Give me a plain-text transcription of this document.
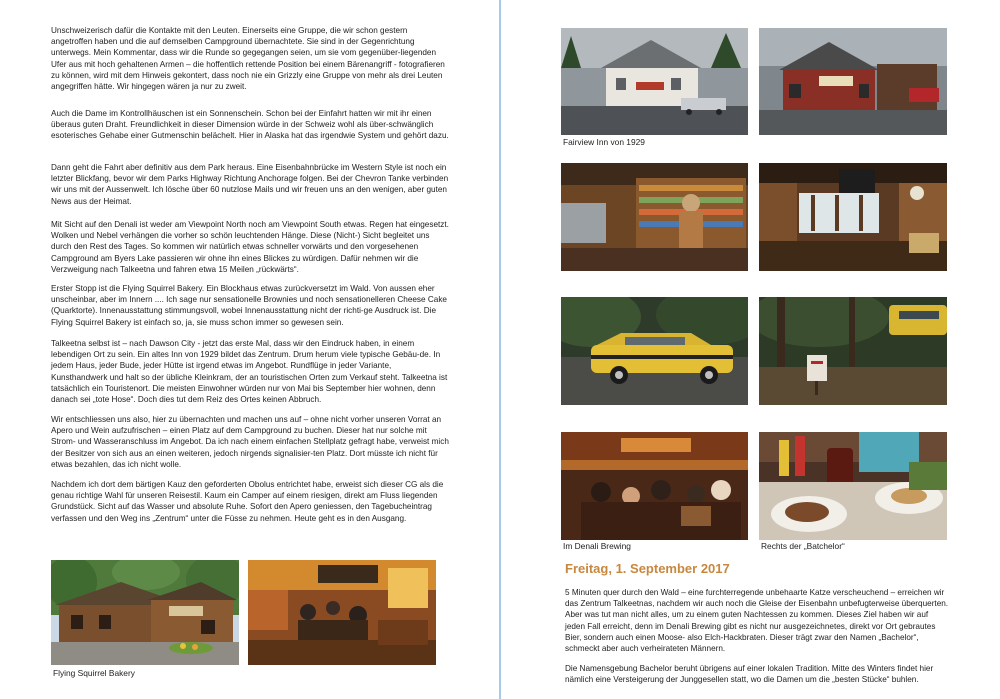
Unschweizerisch dafür die Kontakte mit den Leuten. Einerseits eine Gruppe, die wir schon gestern angetroffen haben und die auf demselben Campground übernachtete. Sie sind in der Gegenrichtung unterwegs. Mein Kommentar, dass wir die Runde so gegegangen seien, um sie vom gegenüber-liegenden Ufer aus mit hoch gehaltenen Armen – die hoffentlich rettende Position bei einem Bärenangriff - fotografieren zu können, wird mit dem Hinweis gekontert, dass noch nie ein Grizzly eine Gruppe von mehr als drei Leuten angegriffen hätte. Wir hingegen wären ja nur zu zweit.

Auch die Dame im Kontrollhäuschen ist ein Sonnenschein. Schon bei der Einfahrt hatten wir mit ihr einen überaus guten Draht. Freundlichkeit in dieser Dimension würde in der Schweiz wohl als über-schwänglich esoterisches Gehabe einer Gutmenschin belächelt. Hier in Alaska hat das irgendwie System und gehört dazu.

Dann geht die Fahrt aber definitiv aus dem Park heraus. Eine Eisenbahnbrücke im Western Style ist noch ein letzter Blickfang, bevor wir dem Parks Highway Richtung Anchorage folgen. Bei der Chevron Tanke verbinden wir uns mit der Aussenwelt. Ich lösche über 60 nutzlose Mails und wir freuen uns an den wenigen, aber guten News aus der Heimat.

Mit Sicht auf den Denali ist weder am Viewpoint North noch am Viewpoint South etwas. Regen hat eingesetzt. Wolken und Nebel verhängen die vorher so schön leuchtenden Hänge. Diese (Nicht-) Sicht begleitet uns durch den Rest des Tages. So kommen wir natürlich etwas schneller vorwärts und den vorgesehenen Campground am Byers Lake passieren wir ohne ihn eines Blickes zu würdigen. Dafür nehmen wir die Verzweigung nach Talkeetna und fahren etwa 15 Meilen „rückwärts“.

Erster Stopp ist die Flying Squirrel Bakery. Ein Blockhaus etwas zurückversetzt im Wald. Von aussen eher unscheinbar, aber im Innern .... Ich sage nur sensationelle Brownies und noch sensationelleren Cheese Cake (Quarktorte). Innenausstattung stimmungsvoll, wobei Innenausstattung nicht der richti-ge Ausdruck ist. Die Flying Squirrel Bakery ist einfach so, ja, sie muss schon immer so gewesen sein.

Talkeetna selbst ist – nach Dawson City - jetzt das erste Mal, dass wir den Eindruck haben, in einem lebendigen Ort zu sein. Ein altes Inn von 1929 bildet das Zentrum. Drum herum viele typische Gebäu-de. In jedem Haus, jeder Bude, jeder Hütte ist irgend etwas im Angebot. Rundflüge in jeder Variante, Kunsthandwerk und halt so der übliche Kleinkram, der an touristischen Orten zum Verkauf steht. Talkeetna ist tatsächlich ein Touristenort. Die meisten Einwohner würden nur von Mai bis September hier wohnen, denn danach sei „tote Hose“. Doch dies tut dem Reiz des Ortes keinen Abbruch.

Wir entschliessen uns also, hier zu übernachten und machen uns auf – ohne nicht vorher unseren Vorrat an Apero und Wein aufzufrischen – einen Platz auf dem Campground zu buchen. Dieser hat nur solche mit Strom- und Wasseranschluss im Angebot. Da ich nach einem einfachen Stellplatz gefragt habe, verweist mich der Besitzer von sich aus an einen weiteren, jedoch nirgends signalisier-ten Platz. Dort müsste ich nicht für etwas bezahlen, das ich nicht wolle.

Nachdem ich dort dem bärtigen Kauz den geforderten Obolus entrichtet habe, erweist sich dieser CG als die genau richtige Wahl für unseren Reisestil. Kaum ein Camper auf einem riesigen, direkt am Fluss liegenden Grundstück. Sicht auf das Wasser und absolute Ruhe. Sofort den Apero geniessen, den Tagebucheintrag verfassen und den Weg ins „Zentrum“ unter die Füsse zu nehmen. Heute geht es in den Ausgang.

Flying Squirrel Bakery
Fairview Inn von 1929
Im Denali Brewing	Rechts der „Batchelor“
Freitag, 1. September 2017

5 Minuten quer durch den Wald – eine furchterregende unbehaarte Katze verscheuchend – erreichen wir das Zentrum Talkeetnas, nachdem wir auch noch die Gleise der Eisenbahn unbefugterweise überquerten. Aber was tut man nicht alles, um zu einem guten Nachtessen zu kommen. Dieses Ziel haben wir auf jeden Fall erreicht, denn im Denali Brewing gibt es nicht nur ausgezeichnetes, direkt vor Ort gebrautes Bier, sondern auch einen Moose- also Elch-Hackbraten. Dieser trägt zwar den Namen „Bachelor“, schmeckt aber auch verheirateten Männern.

Die Namensgebung Bachelor beruht übrigens auf einer lokalen Tradition. Mitte des Winters findet hier nämlich eine Versteigerung der Junggesellen statt, wo die Damen um die „besten Stücke“ buhlen.
